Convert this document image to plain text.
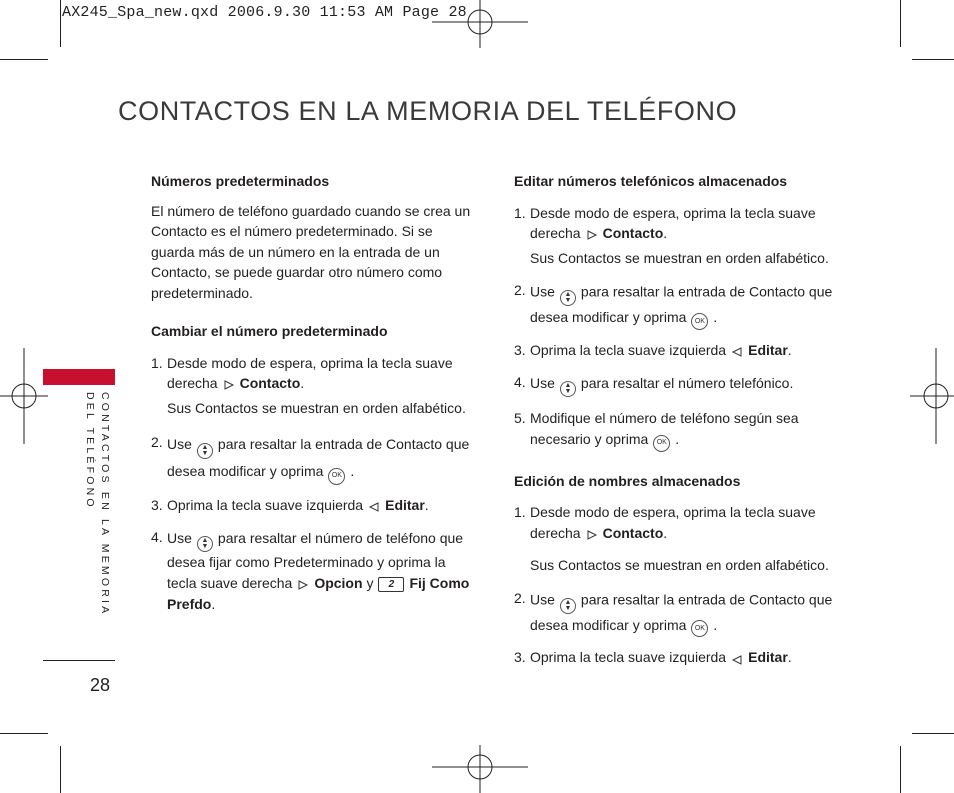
AX245_Spa_new.qxd 2006.9.30 11:53 AM Page 28
CONTACTOS EN LA MEMORIA DEL TELÉFONO
CONTACTOS EN LA MEMORIA
DEL TELÉFONO
28

Números predeterminados

El número de teléfono guardado cuando se crea un Contacto es el número predeterminado. Si se guarda más de un número en la entrada de un Contacto, se puede guardar otro número como predeterminado.

Cambiar el número predeterminado

1. Desde modo de espera, oprima la tecla suave derecha Contacto.
Sus Contactos se muestran en orden alfabético.
2. Use ▲
▼para resaltar la entrada de Contacto que desea modificar y oprima OK .
3. Oprima la tecla suave izquierda Editar.
4. Use ▲
▼para resaltar el número de teléfono que desea fijar como Predeterminado y oprima la tecla suave derecha Opcion y 2 Fij Como Prefdo.

Editar números telefónicos almacenados

1. Desde modo de espera, oprima la tecla suave derecha Contacto.
Sus Contactos se muestran en orden alfabético.
2. Use ▲
▼para resaltar la entrada de Contacto que desea modificar y oprima OK .
3. Oprima la tecla suave izquierda Editar.
4. Use ▲
▼para resaltar el número telefónico.
5. Modifique el número de teléfono según sea necesario y oprima OK .

Edición de nombres almacenados

1. Desde modo de espera, oprima la tecla suave derecha Contacto.
Sus Contactos se muestran en orden alfabético.
2. Use ▲
▼para resaltar la entrada de Contacto que desea modificar y oprima OK .
3. Oprima la tecla suave izquierda Editar.
